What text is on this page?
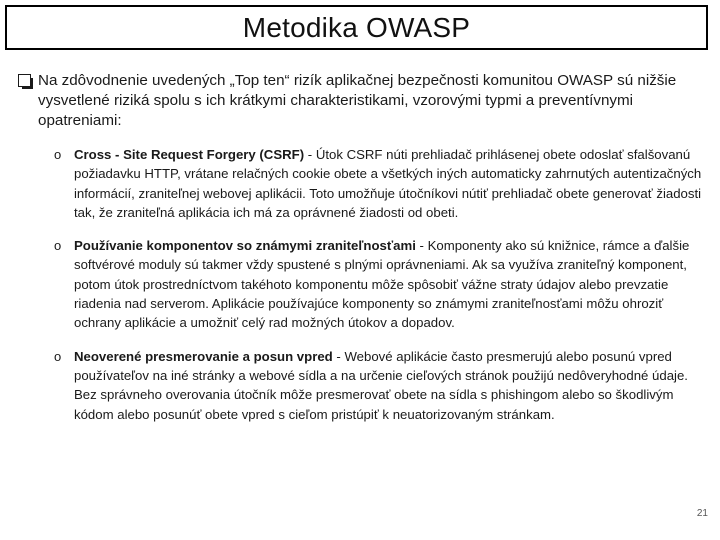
Metodika OWASP
Na zdôvodnenie uvedených „Top ten“ rizík aplikačnej bezpečnosti komunitou OWASP sú nižšie vysvetlené riziká spolu s ich krátkymi charakteristikami, vzorovými typmi a preventívnymi opatreniami:
o Cross - Site Request Forgery (CSRF) - Útok CSRF núti prehliadač prihlásenej obete odoslať sfalšovanú požiadavku HTTP, vrátane relačných cookie obete a všetkých iných automaticky zahrnutých autentizačných informácií, zraniteľnej webovej aplikácii. Toto umožňuje útočníkovi nútiť prehliadač obete generovať žiadosti tak, že zraniteľná aplikácia ich má za oprávnené žiadosti od obeti.
o Používanie komponentov so známymi zraniteľnosťami - Komponenty ako sú knižnice, rámce a ďalšie softvérové moduly sú takmer vždy spustené s plnými oprávneniami. Ak sa využíva zraniteľný komponent, potom útok prostredníctvom takéhoto komponentu môže spôsobiť vážne straty údajov alebo prevzatie riadenia nad serverom. Aplikácie používajúce komponenty so známymi zraniteľnosťami môžu ohroziť ochrany aplikácie a umožniť celý rad možných útokov a dopadov.
o Neoverené presmerovanie a posun vpred - Webové aplikácie často presmerujú alebo posunú vpred používateľov na iné stránky a webové sídla a na určenie cieľových stránok použijú nedôveryhodné údaje. Bez správneho overovania útočník môže presmerovať obete na sídla s phishingom alebo so škodlivým kódom alebo posunúť obete vpred s cieľom pristúpiť k neuatorizovaným stránkam.
21
